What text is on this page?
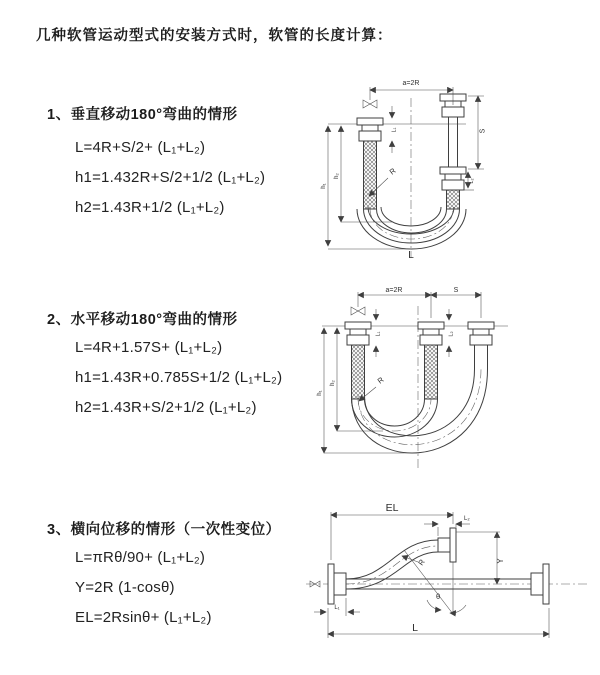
几种软管运动型式的安装方式时，软管的长度计算：
1、垂直移动180°弯曲的情形
L=4R+S/2+ (L₁+L₂)
h1=1.432R+S/2+1/2 (L₁+L₂)
h2=1.43R+1/2 (L₁+L₂)
a=2R
L₁	S
L₂
h₁
h₂	R
L
2、水平移动180°弯曲的情形
L=4R+1.57S+ (L₁+L₂)
h1=1.43R+0.785S+1/2 (L₁+L₂)
h2=1.43R+S/2+1/2 (L₁+L₂)
a=2R	S
L₁	L₂
h₁
h₂	R
3、横向位移的情形（一次性变位）
L=πRθ/90+ (L₁+L₂)
Y=2R (1-cosθ)
EL=2Rsinθ+ (L₁+L₂)
EL
L₂
Y
L
L₁
R
θ
